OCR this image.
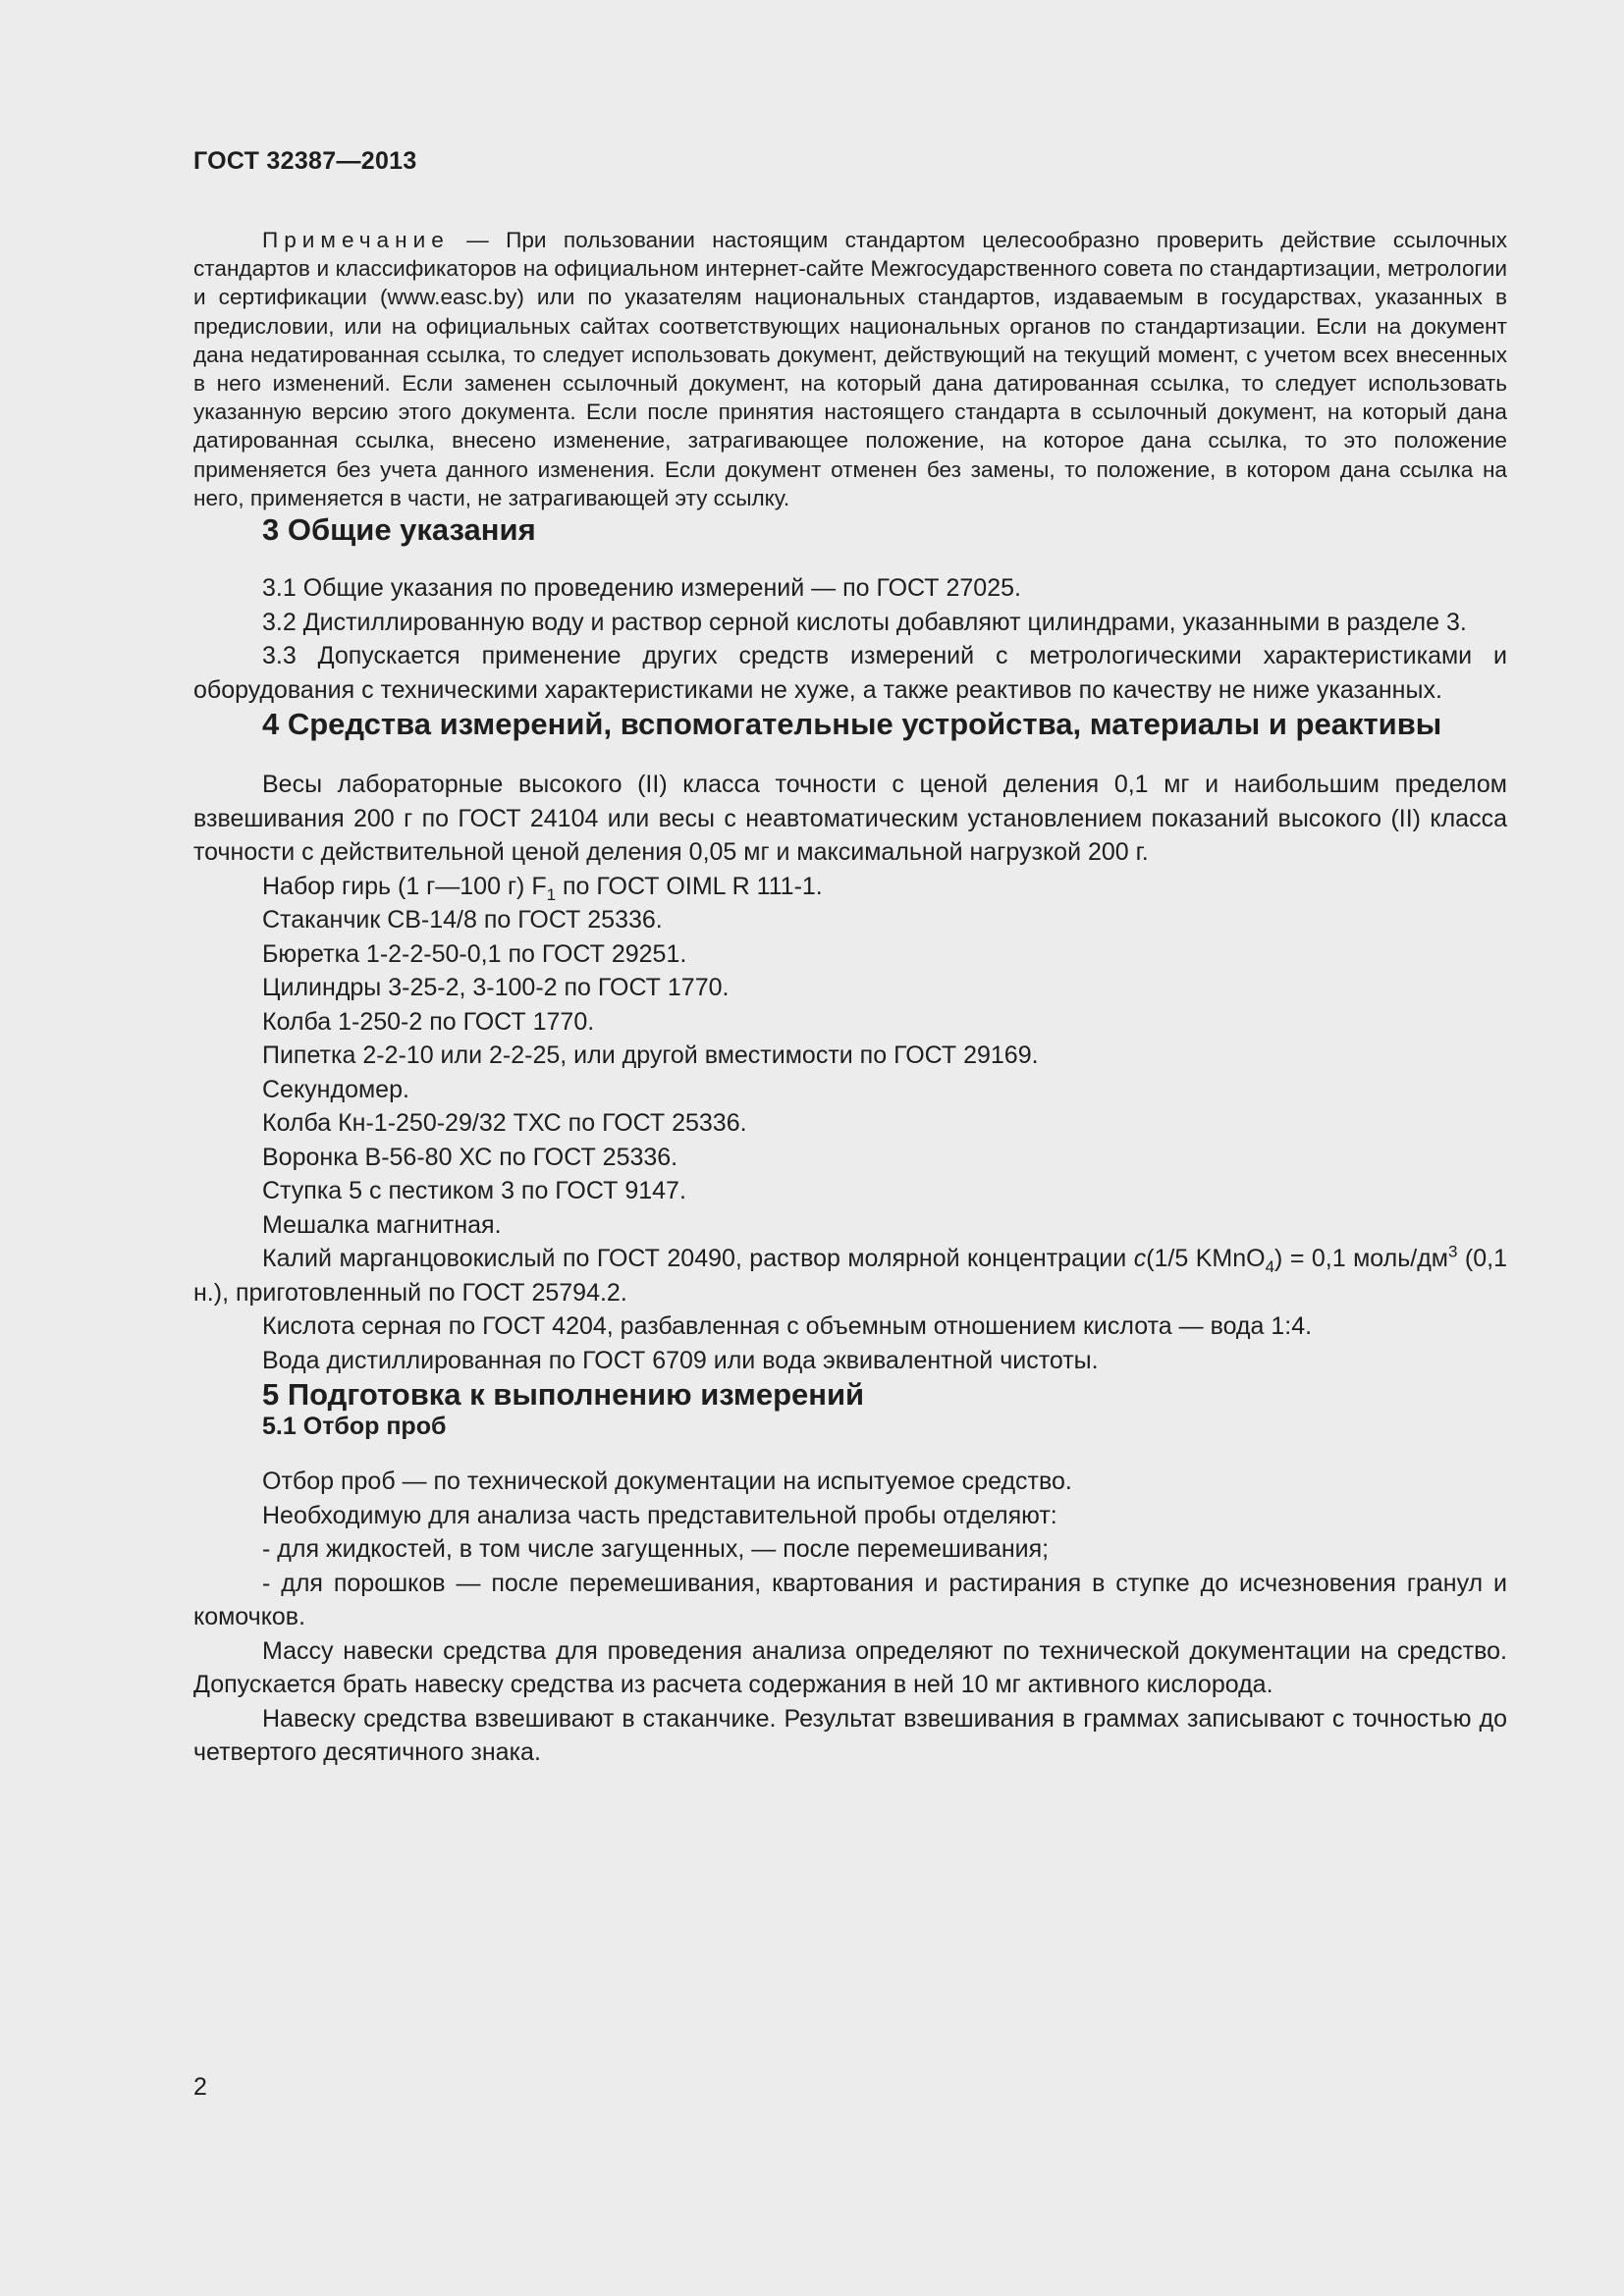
ГОСТ 32387—2013

Примечание — При пользовании настоящим стандартом целесообразно проверить действие ссылочных стандартов и классификаторов на официальном интернет-сайте Межгосударственного совета по стандартизации, метрологии и сертификации (www.easc.by) или по указателям национальных стандартов, издаваемым в государствах, указанных в предисловии, или на официальных сайтах соответствующих национальных органов по стандартизации. Если на документ дана недатированная ссылка, то следует использовать документ, действующий на текущий момент, с учетом всех внесенных в него изменений. Если заменен ссылочный документ, на который дана датированная ссылка, то следует использовать указанную версию этого документа. Если после принятия настоящего стандарта в ссылочный документ, на который дана датированная ссылка, внесено изменение, затрагивающее положение, на которое дана ссылка, то это положение применяется без учета данного изменения. Если документ отменен без замены, то положение, в котором дана ссылка на него, применяется в части, не затрагивающей эту ссылку.

3 Общие указания

3.1 Общие указания по проведению измерений — по ГОСТ 27025.

3.2 Дистиллированную воду и раствор серной кислоты добавляют цилиндрами, указанными в разделе 3.

3.3 Допускается применение других средств измерений с метрологическими характеристиками и оборудования с техническими характеристиками не хуже, а также реактивов по качеству не ниже указанных.

4 Средства измерений, вспомогательные устройства, материалы и реактивы

Весы лабораторные высокого (II) класса точности с ценой деления 0,1 мг и наибольшим пределом взвешивания 200 г по ГОСТ 24104 или весы с неавтоматическим установлением показаний высокого (II) класса точности с действительной ценой деления 0,05 мг и максимальной нагрузкой 200 г.

Набор гирь (1 г—100 г) $F_1$ по ГОСТ OIML R 111-1.

Стаканчик СВ-14/8 по ГОСТ 25336.

Бюретка 1-2-2-50-0,1 по ГОСТ 29251.

Цилиндры 3-25-2, 3-100-2 по ГОСТ 1770.

Колба 1-250-2 по ГОСТ 1770.

Пипетка 2-2-10 или 2-2-25, или другой вместимости по ГОСТ 29169.

Секундомер.

Колба Кн-1-250-29/32 ТХС по ГОСТ 25336.

Воронка В-56-80 ХС по ГОСТ 25336.

Ступка 5 с пестиком 3 по ГОСТ 9147.

Мешалка магнитная.

Калий марганцовокислый по ГОСТ 20490, раствор молярной концентрации c(1/5 KMnO$_4$) = 0,1 моль/$дм^3$ (0,1 н.), приготовленный по ГОСТ 25794.2.

Кислота серная по ГОСТ 4204, разбавленная с объемным отношением кислота — вода 1:4.

Вода дистиллированная по ГОСТ 6709 или вода эквивалентной чистоты.

5 Подготовка к выполнению измерений
5.1 Отбор проб

Отбор проб — по технической документации на испытуемое средство.

Необходимую для анализа часть представительной пробы отделяют:

- для жидкостей, в том числе загущенных, — после перемешивания;

- для порошков — после перемешивания, квартования и растирания в ступке до исчезновения гранул и комочков.

Массу навески средства для проведения анализа определяют по технической документации на средство. Допускается брать навеску средства из расчета содержания в ней 10 мг активного кислорода.

Навеску средства взвешивают в стаканчике. Результат взвешивания в граммах записывают с точностью до четвертого десятичного знака.

2
